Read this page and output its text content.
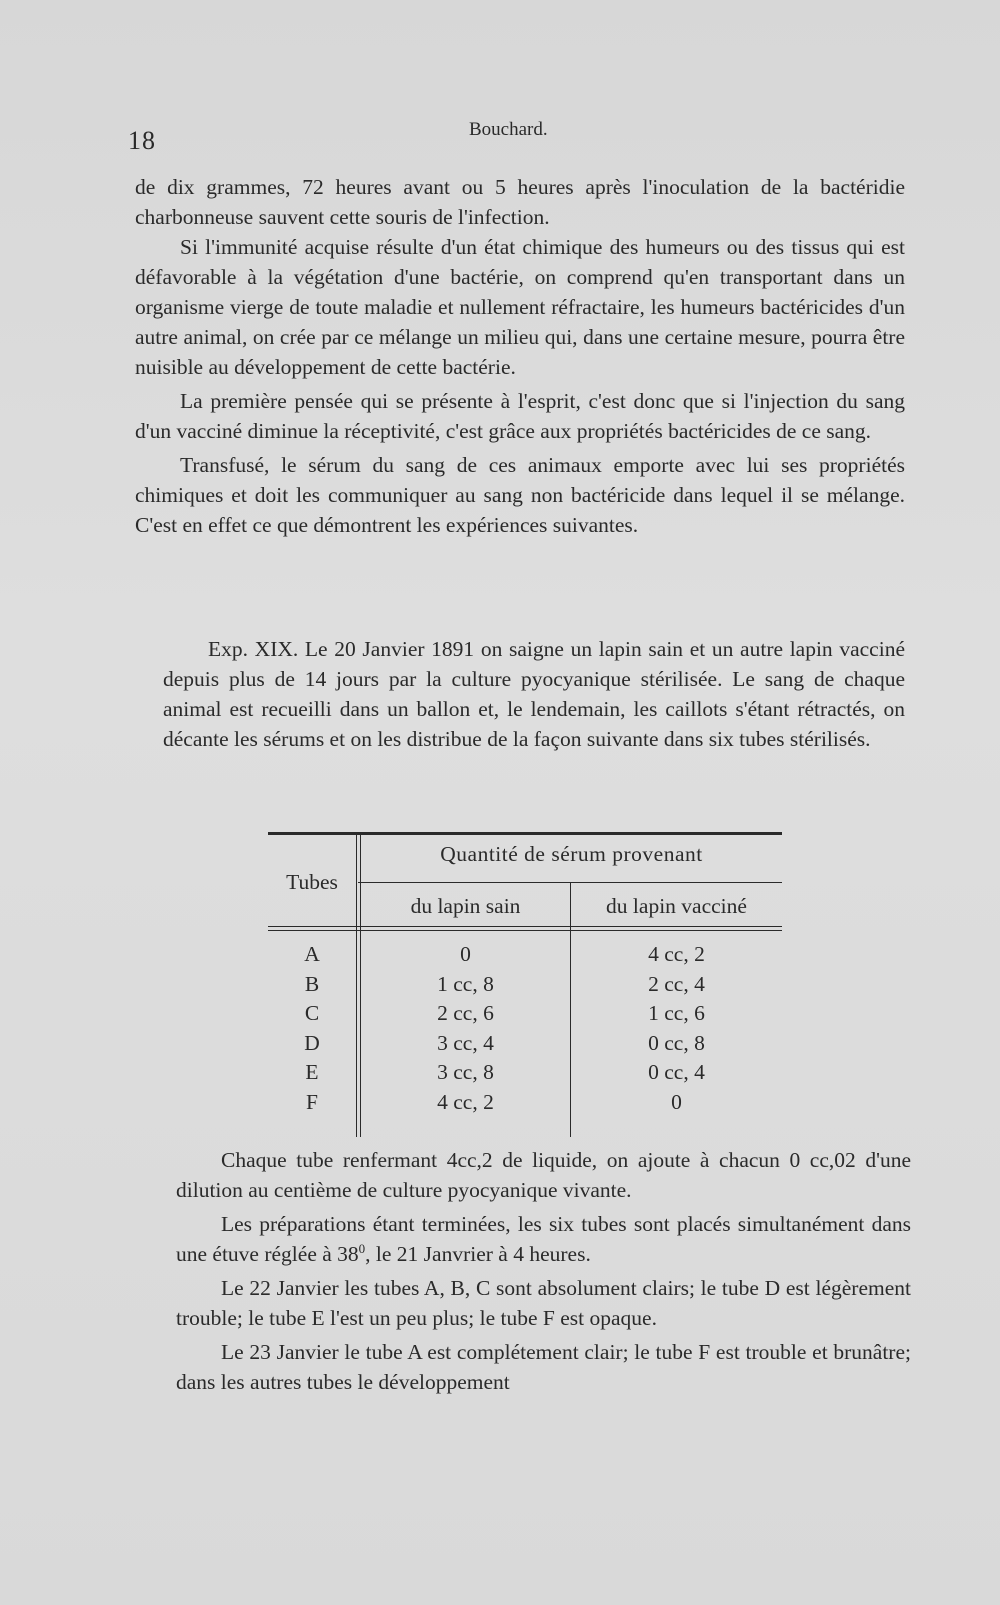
18	Bouchard.

de dix grammes, 72 heures avant ou 5 heures après l'inoculation de la bactéridie charbonneuse sauvent cette souris de l'infection.

Si l'immunité acquise résulte d'un état chimique des humeurs ou des tissus qui est défavorable à la végétation d'une bactérie, on comprend qu'en transportant dans un organisme vierge de toute maladie et nullement réfractaire, les humeurs bactéricides d'un autre animal, on crée par ce mélange un milieu qui, dans une certaine mesure, pourra être nuisible au développement de cette bactérie.

La première pensée qui se présente à l'esprit, c'est donc que si l'injection du sang d'un vacciné diminue la réceptivité, c'est grâce aux propriétés bactéricides de ce sang.

Transfusé, le sérum du sang de ces animaux emporte avec lui ses propriétés chimiques et doit les communiquer au sang non bactéricide dans lequel il se mélange. C'est en effet ce que démontrent les expériences suivantes.

Exp. XIX. Le 20 Janvier 1891 on saigne un lapin sain et un autre lapin vacciné depuis plus de 14 jours par la culture pyocyanique stérilisée. Le sang de chaque animal est recueilli dans un ballon et, le lendemain, les caillots s'étant rétractés, on décante les sérums et on les distribue de la façon suivante dans six tubes stérilisés.

Tubes
Quantité de sérum provenant
du lapin sain	du lapin vacciné
A
B
C
D
E
F
0
1 cc, 8
2 cc, 6
3 cc, 4
3 cc, 8
4 cc, 2
4 cc, 2
2 cc, 4
1 cc, 6
0 cc, 8
0 cc, 4
0

Chaque tube renfermant 4cc,2 de liquide, on ajoute à chacun 0 cc,02 d'une dilution au centième de culture pyocyanique vivante.

Les préparations étant terminées, les six tubes sont placés simultanément dans une étuve réglée à $38^0$, le 21 Janvrier à 4 heures.

Le 22 Janvier les tubes A, B, C sont absolument clairs; le tube D est légèrement trouble; le tube E l'est un peu plus; le tube F est opaque.

Le 23 Janvier le tube A est complétement clair; le tube F est trouble et brunâtre; dans les autres tubes le développement
